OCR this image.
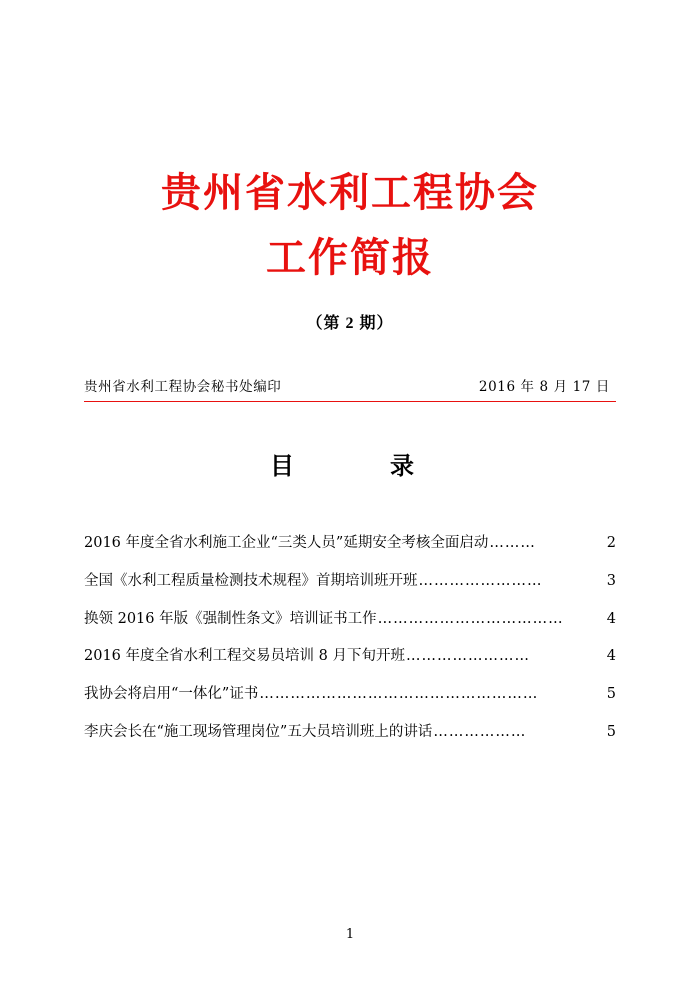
贵州省水利工程协会
工作简报
（第 2 期）
贵州省水利工程协会秘书处编印	2016 年 8 月 17 日
目　　录
2016 年度全省水利施工企业“三类人员”延期安全考核全面启动 ………	2
全国《水利工程质量检测技术规程》首期培训班开班 ……………………	3
换领 2016 年版《强制性条文》培训证书工作 ………………………………	4
2016 年度全省水利工程交易员培训 8 月下旬开班 ……………………	4
我协会将启用“一体化”证书 ………………………………………………	5
李庆会长在“施工现场管理岗位”五大员培训班上的讲话 ………………	5
1
